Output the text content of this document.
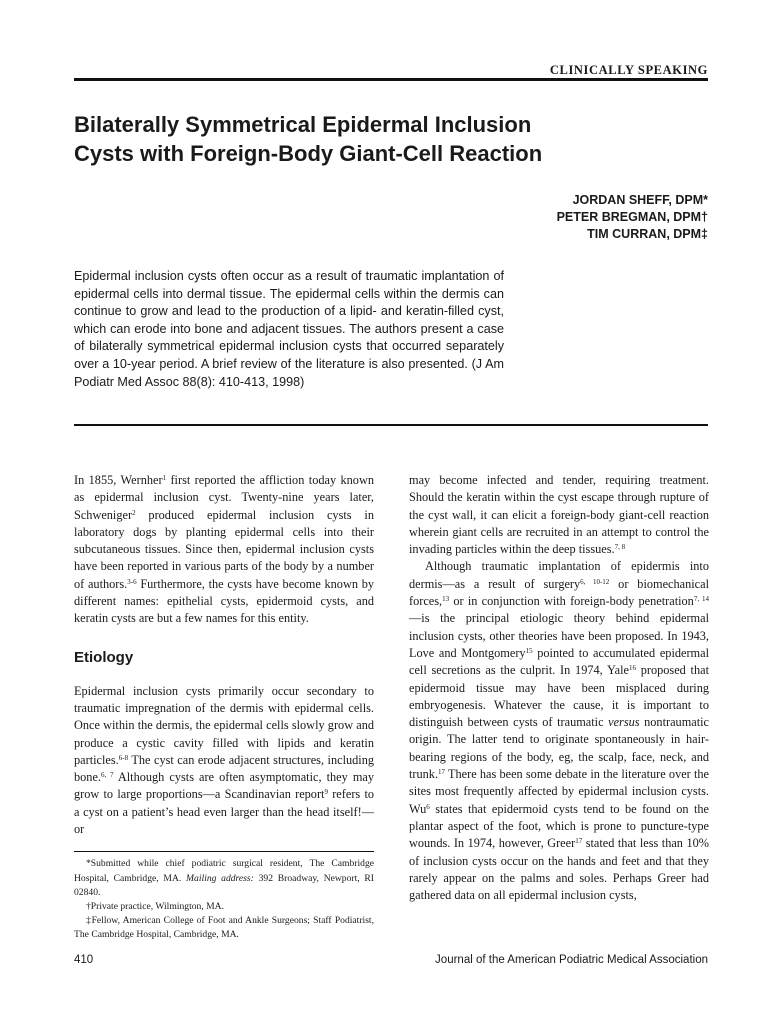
CLINICALLY SPEAKING
Bilaterally Symmetrical Epidermal Inclusion
Cysts with Foreign-Body Giant-Cell Reaction
JORDAN SHEFF, DPM*
PETER BREGMAN, DPM†
TIM CURRAN, DPM‡
Epidermal inclusion cysts often occur as a result of traumatic implantation of epidermal cells into dermal tissue. The epidermal cells within the dermis can continue to grow and lead to the production of a lipid- and keratin-filled cyst, which can erode into bone and adjacent tissues. The authors present a case of bilaterally symmetrical epidermal inclusion cysts that occurred separately over a 10-year period. A brief review of the literature is also presented. (J Am Podiatr Med Assoc 88(8): 410-413, 1998)

In 1855, Wernher$^1$ first reported the affliction today known as epidermal inclusion cyst. Twenty-nine years later, Schweniger$^2$ produced epidermal inclusion cysts in laboratory dogs by planting epidermal cells into their subcutaneous tissues. Since then, epidermal inclusion cysts have been reported in various parts of the body by a number of authors.$^{3-6}$ Furthermore, the cysts have become known by different names: epithelial cysts, epidermoid cysts, and keratin cysts are but a few names for this entity.

Etiology

Epidermal inclusion cysts primarily occur secondary to traumatic impregnation of the dermis with epidermal cells. Once within the dermis, the epidermal cells slowly grow and produce a cystic cavity filled with lipids and keratin particles.$^{6-8}$ The cyst can erode adjacent structures, including bone.$^{6, 7}$ Although cysts are often asymptomatic, they may grow to large proportions—a Scandinavian report$^9$ refers to a cyst on a patient’s head even larger than the head itself!—or

*Submitted while chief podiatric surgical resident, The Cambridge Hospital, Cambridge, MA. Mailing address: 392 Broadway, Newport, RI 02840.

†Private practice, Wilmington, MA.

‡Fellow, American College of Foot and Ankle Surgeons; Staff Podiatrist, The Cambridge Hospital, Cambridge, MA.

may become infected and tender, requiring treatment. Should the keratin within the cyst escape through rupture of the cyst wall, it can elicit a foreign-body giant-cell reaction wherein giant cells are recruited in an attempt to control the invading particles within the deep tissues.$^{7, 8}$

Although traumatic implantation of epidermis into dermis—as a result of surgery$^{6, 10-12}$ or biomechanical forces,$^{13}$ or in conjunction with foreign-body penetration$^{7, 14}$—is the principal etiologic theory behind epidermal inclusion cysts, other theories have been proposed. In 1943, Love and Montgomery$^{15}$ pointed to accumulated epidermal cell secretions as the culprit. In 1974, Yale$^{16}$ proposed that epidermoid tissue may have been misplaced during embryogenesis. Whatever the cause, it is important to distinguish between cysts of traumatic versus nontraumatic origin. The latter tend to originate spontaneously in hair-bearing regions of the body, eg, the scalp, face, neck, and trunk.$^{17}$ There has been some debate in the literature over the sites most frequently affected by epidermal inclusion cysts. Wu$^6$ states that epidermoid cysts tend to be found on the plantar aspect of the foot, which is prone to puncture-type wounds. In 1974, however, Greer$^{17}$ stated that less than 10% of inclusion cysts occur on the hands and feet and that they rarely appear on the palms and soles. Perhaps Greer had gathered data on all epidermal inclusion cysts,

410	Journal of the American Podiatric Medical Association
